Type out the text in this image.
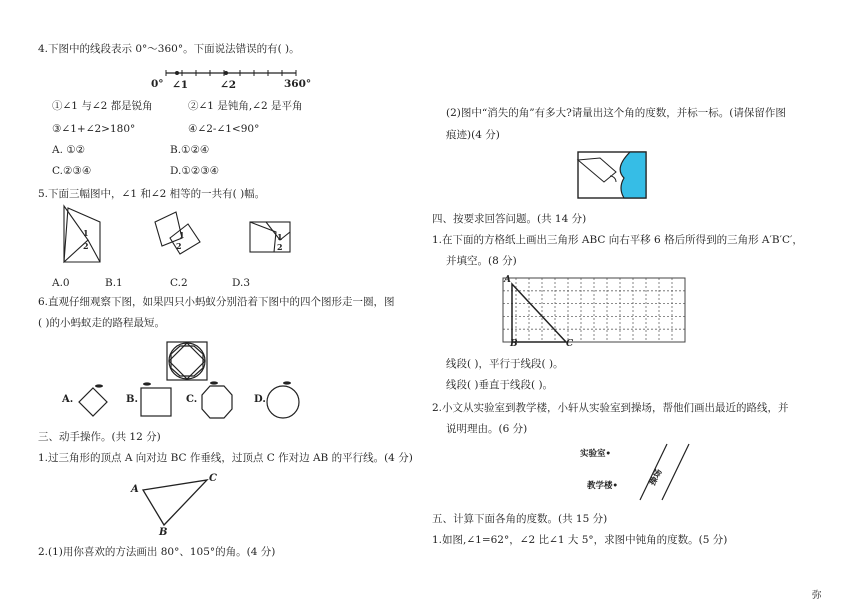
4.下图中的线段表示 0°～360°。下面说法错误的有( )。
0° ∠1	∠2	360°
①∠1 与∠2 都是锐角	②∠1 是钝角,∠2 是平角
③∠1+∠2>180°	④∠2-∠1<90°
A. ①②	B.①②④
C.②③④	D.①②③④
5.下面三幅图中，∠1 和∠2 相等的一共有( )幅。
1
2
1
2
1
2
A.0	B.1	C.2	D.3
6.直观仔细观察下图，如果四只小蚂蚁分别沿着下图中的四个图形走一圈，图
( )的小蚂蚁走的路程最短。
A.	B.	C.	D.
三、动手操作。(共 12 分)
1.过三角形的顶点 A 向对边 BC 作垂线，过顶点 C 作对边 AB 的平行线。(4 分)
A
C
B
2.(1)用你喜欢的方法画出 80°、105°的角。(4 分)
(2)图中“消失的角”有多大?请量出这个角的度数，并标一标。(请保留作图
痕迹)(4 分)
四、按要求回答问题。(共 14 分)
1.在下面的方格纸上画出三角形 ABC 向右平移 6 格后所得到的三角形 A′B′C′，
并填空。(8 分)
A
B	C
线段( )，平行于线段( )。
线段( )垂直于线段( )。
2.小文从实验室到教学楼，小轩从实验室到操场，帮他们画出最近的路线，并
说明理由。(6 分)
实验室•
教学楼•	操场
五、计算下面各角的度数。(共 15 分)
1.如图,∠1=62°，∠2 比∠1 大 5°，求图中钝角的度数。(5 分)
弥
